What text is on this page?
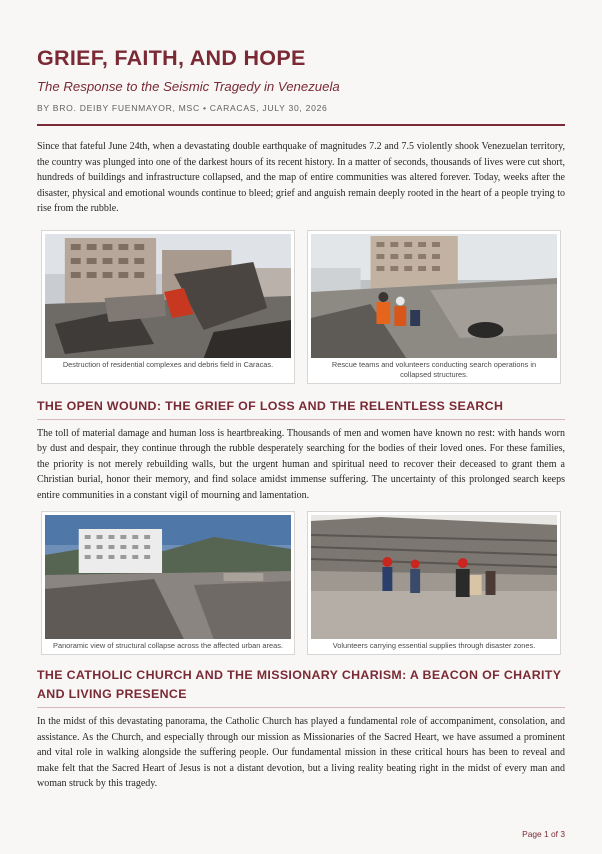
GRIEF, FAITH, AND HOPE
The Response to the Seismic Tragedy in Venezuela
BY BRO. DEIBY FUENMAYOR, MSC • CARACAS, JULY 30, 2026

Since that fateful June 24th, when a devastating double earthquake of magnitudes 7.2 and 7.5 violently shook Venezuelan territory, the country was plunged into one of the darkest hours of its recent history. In a matter of seconds, thousands of lives were cut short, hundreds of buildings and infrastructure collapsed, and the map of entire communities was altered forever. Today, weeks after the disaster, physical and emotional wounds continue to bleed; grief and anguish remain deeply rooted in the heart of a people trying to rise from the rubble.

Destruction of residential complexes and debris field in Caracas.	Rescue teams and volunteers conducting search operations in collapsed structures.
THE OPEN WOUND: THE GRIEF OF LOSS AND THE RELENTLESS SEARCH

The toll of material damage and human loss is heartbreaking. Thousands of men and women have known no rest: with hands worn by dust and despair, they continue through the rubble desperately searching for the bodies of their loved ones. For these families, the priority is not merely rebuilding walls, but the urgent human and spiritual need to recover their deceased to grant them a Christian burial, honor their memory, and find solace amidst immense suffering. The uncertainty of this prolonged search keeps entire communities in a constant vigil of mourning and lamentation.

Panoramic view of structural collapse across the affected urban areas.	Volunteers carrying essential supplies through disaster zones.
THE CATHOLIC CHURCH AND THE MISSIONARY CHARISM: A BEACON OF CHARITY AND LIVING PRESENCE

In the midst of this devastating panorama, the Catholic Church has played a fundamental role of accompaniment, consolation, and assistance. As the Church, and especially through our mission as Missionaries of the Sacred Heart, we have assumed a prominent and vital role in walking alongside the suffering people. Our fundamental mission in these critical hours has been to reveal and make felt that the Sacred Heart of Jesus is not a distant devotion, but a living reality beating right in the midst of every man and woman struck by this tragedy.

Page 1 of 3
